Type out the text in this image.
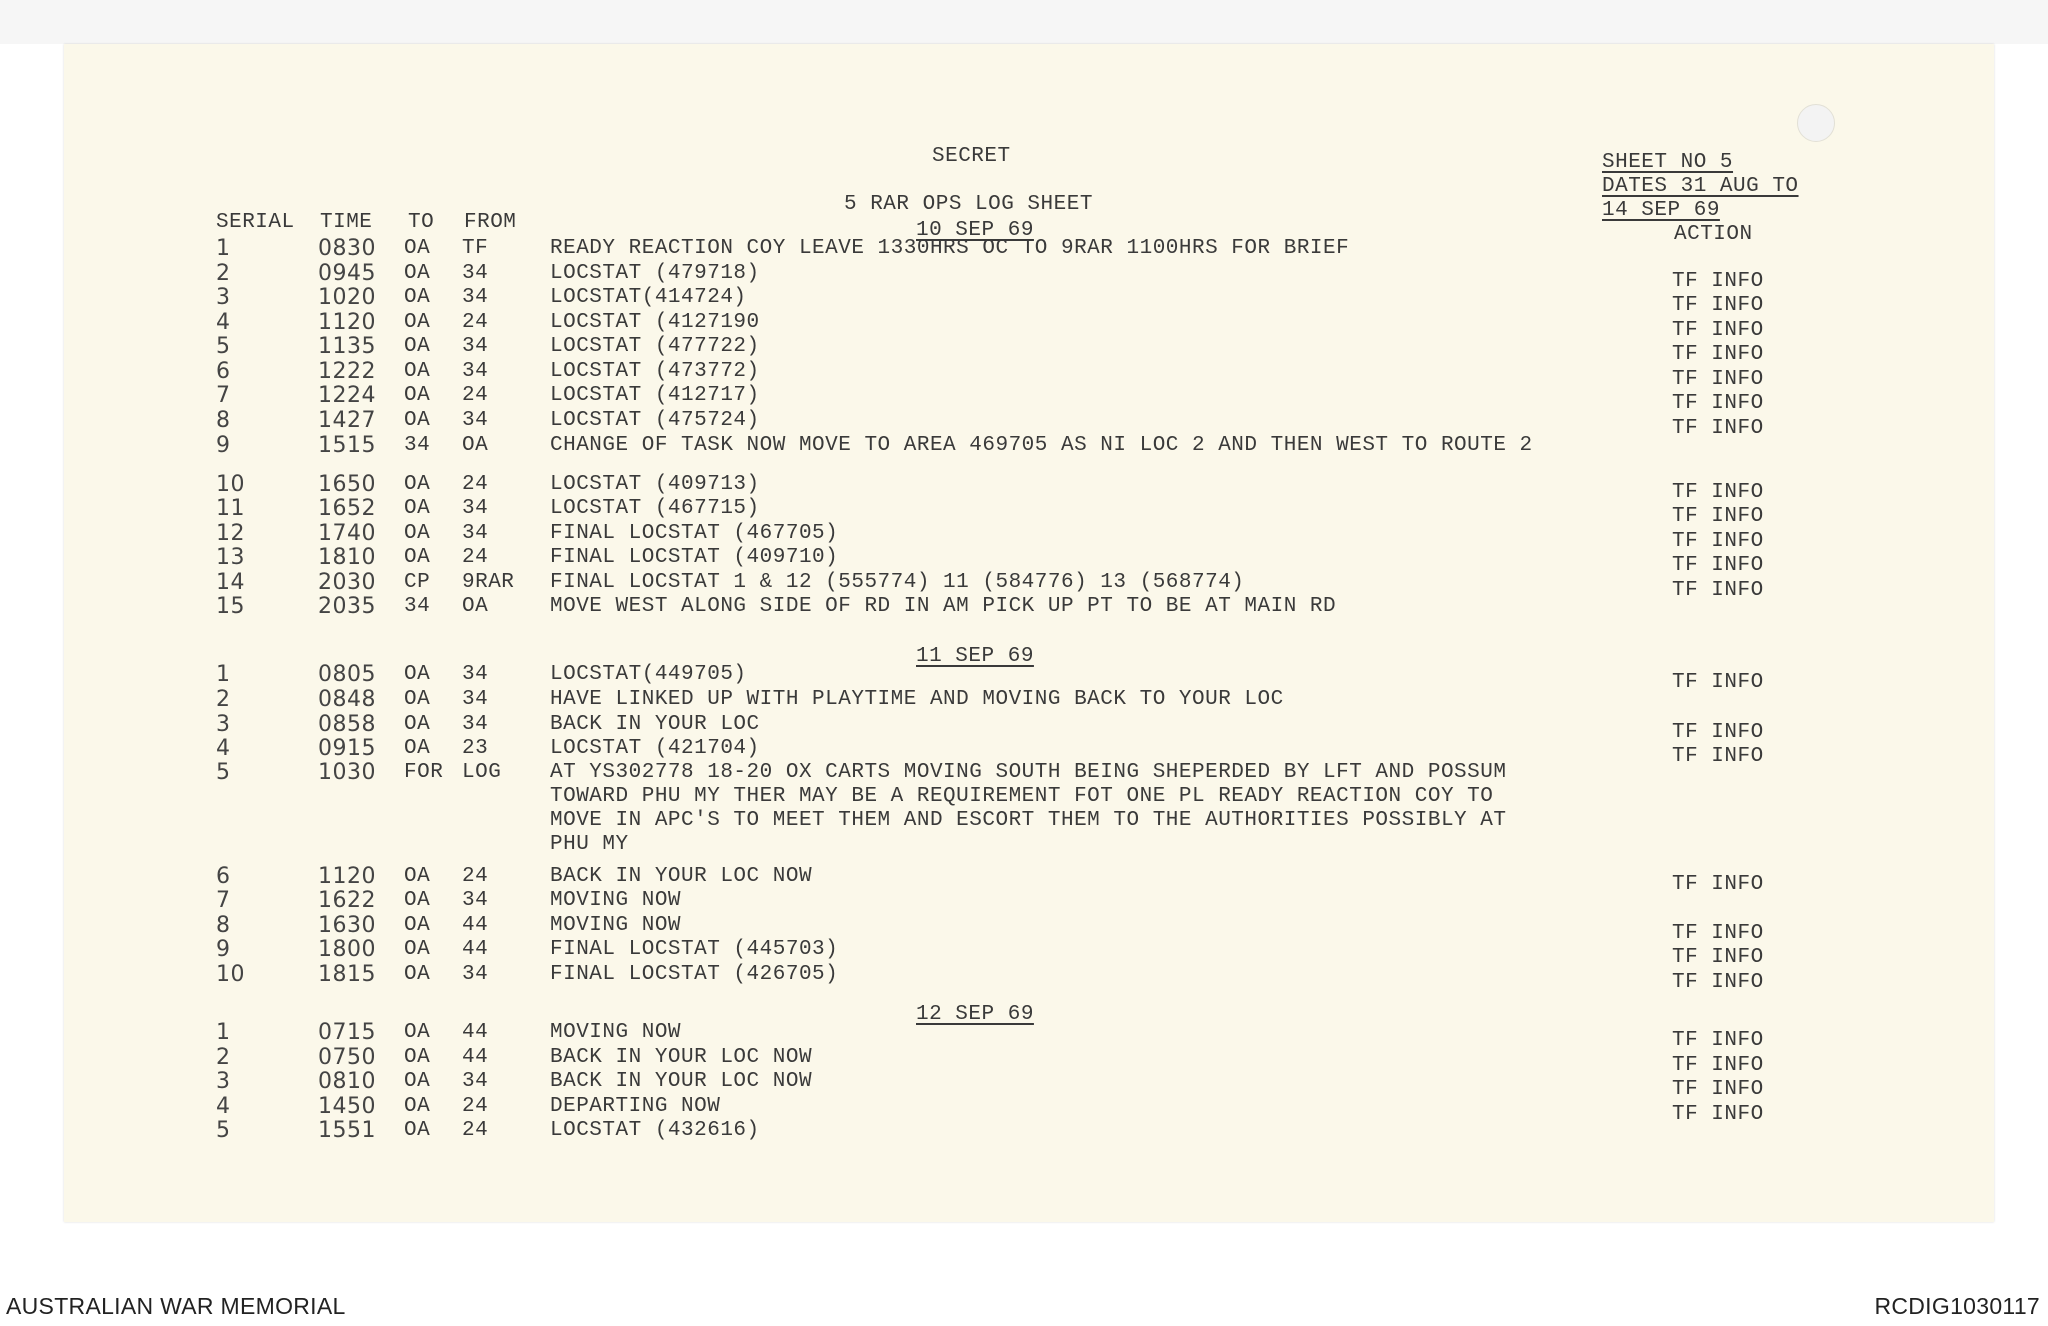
SECRET
5 RAR OPS LOG SHEET
SHEET NO 5
DATES 31 AUG TO
14 SEP 69
SERIAL TIME TO FROM
ACTION
10 SEP 69
1	0830 OA TF	READY REACTION COY LEAVE 1330HRS OC TO 9RAR 1100HRS FOR BRIEF
2	0945 OA 34	LOCSTAT (479718)	TF INFO
3	1020 OA 34	LOCSTAT(414724)	TF INFO
4	1120 OA 24	LOCSTAT (4127190	TF INFO
5	1135 OA 34	LOCSTAT (477722)	TF INFO
6	1222 OA 34	LOCSTAT (473772)	TF INFO
7	1224 OA 24	LOCSTAT (412717)	TF INFO
8	1427 OA 34	LOCSTAT (475724)	TF INFO
9	1515 34 OA	CHANGE OF TASK NOW MOVE TO AREA 469705 AS NI LOC 2 AND THEN WEST TO ROUTE 2
10	1650 OA 24	LOCSTAT (409713)	TF INFO
11	1652 OA 34	LOCSTAT (467715)	TF INFO
12	1740 OA 34	FINAL LOCSTAT (467705)	TF INFO
13	1810 OA 24	FINAL LOCSTAT (409710)	TF INFO
14	2030 CP 9RAR FINAL LOCSTAT 1 & 12 (555774) 11 (584776) 13 (568774)	TF INFO
15	2035 34 OA	MOVE WEST ALONG SIDE OF RD IN AM PICK UP PT TO BE AT MAIN RD
11 SEP 69
1	0805 OA 34	LOCSTAT(449705)	TF INFO
2	0848 OA 34	HAVE LINKED UP WITH PLAYTIME AND MOVING BACK TO YOUR LOC
3	0858 OA 34	BACK IN YOUR LOC	TF INFO
4	0915 OA 23	LOCSTAT (421704)	TF INFO
5	1030 FOR LOG AT YS302778 18-20 OX CARTS MOVING SOUTH BEING SHEPERDED BY LFT AND POSSUM
TOWARD PHU MY THER MAY BE A REQUIREMENT FOT ONE PL READY REACTION COY TO
MOVE IN APC'S TO MEET THEM AND ESCORT THEM TO THE AUTHORITIES POSSIBLY AT
PHU MY
6	1120 OA 24	BACK IN YOUR LOC NOW	TF INFO
7	1622 OA 34	MOVING NOW
8	1630 OA 44	MOVING NOW	TF INFO
9	1800 OA 44	FINAL LOCSTAT (445703)	TF INFO
10	1815 OA 34	FINAL LOCSTAT (426705)	TF INFO
12 SEP 69
1	0715 OA 44	MOVING NOW	TF INFO
2	0750 OA 44	BACK IN YOUR LOC NOW	TF INFO
3	0810 OA 34	BACK IN YOUR LOC NOW	TF INFO
4	1450 OA 24	DEPARTING NOW	TF INFO
5	1551 OA 24	LOCSTAT (432616)
AUSTRALIAN WAR MEMORIAL	RCDIG1030117
